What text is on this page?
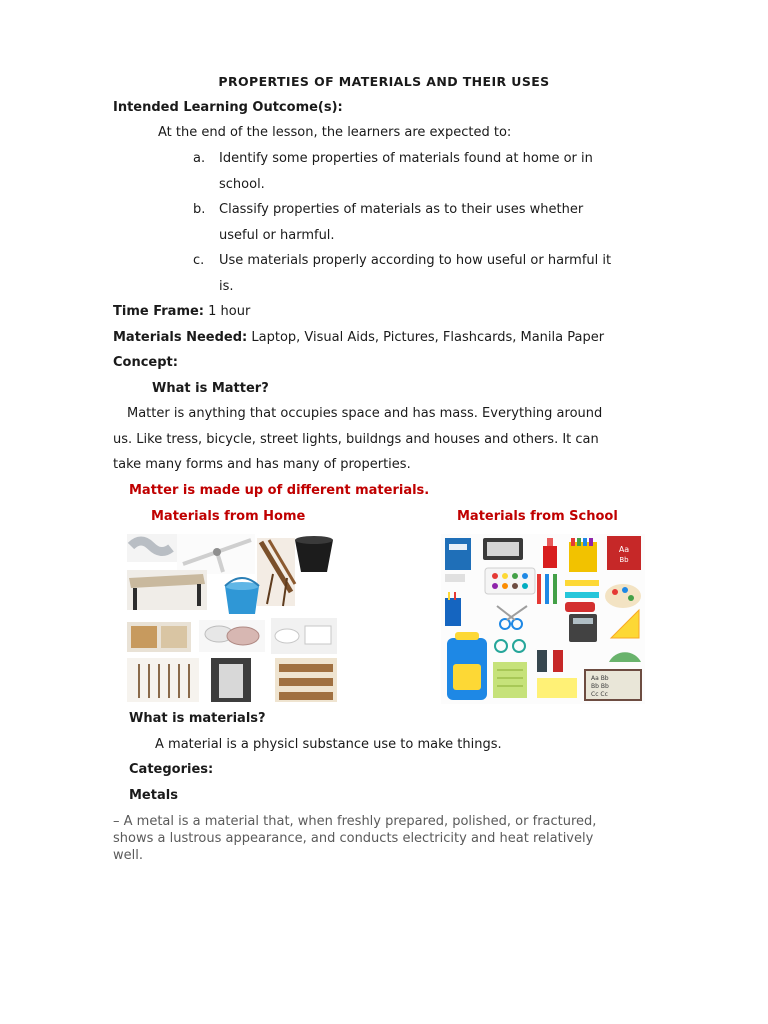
PROPERTIES OF MATERIALS AND THEIR USES
Intended Learning Outcome(s):
At the end of the lesson, the learners are expected to:
a. Identify some properties of materials found at home or in
school.
b. Classify properties of materials as to their uses whether
useful or harmful.
c. Use materials properly according to how useful or harmful it
is.
Time Frame: 1 hour
Materials Needed: Laptop, Visual Aids, Pictures, Flashcards, Manila Paper
Concept:
What is Matter?
Matter is anything that occupies space and has mass. Everything around
us. Like tress, bicycle, street lights, buildngs and houses and others. It can
take many forms and has many of properties.
Matter is made up of different materials.
Materials from Home	Materials from School
Aa
Bb
Aa Bb
Bb Bb
Cc Cc
What is materials?
A material is a physicl substance use to make things.
Categories:
Metals
– A metal is a material that, when freshly prepared, polished, or fractured,
shows a lustrous appearance, and conducts electricity and heat relatively
well.
